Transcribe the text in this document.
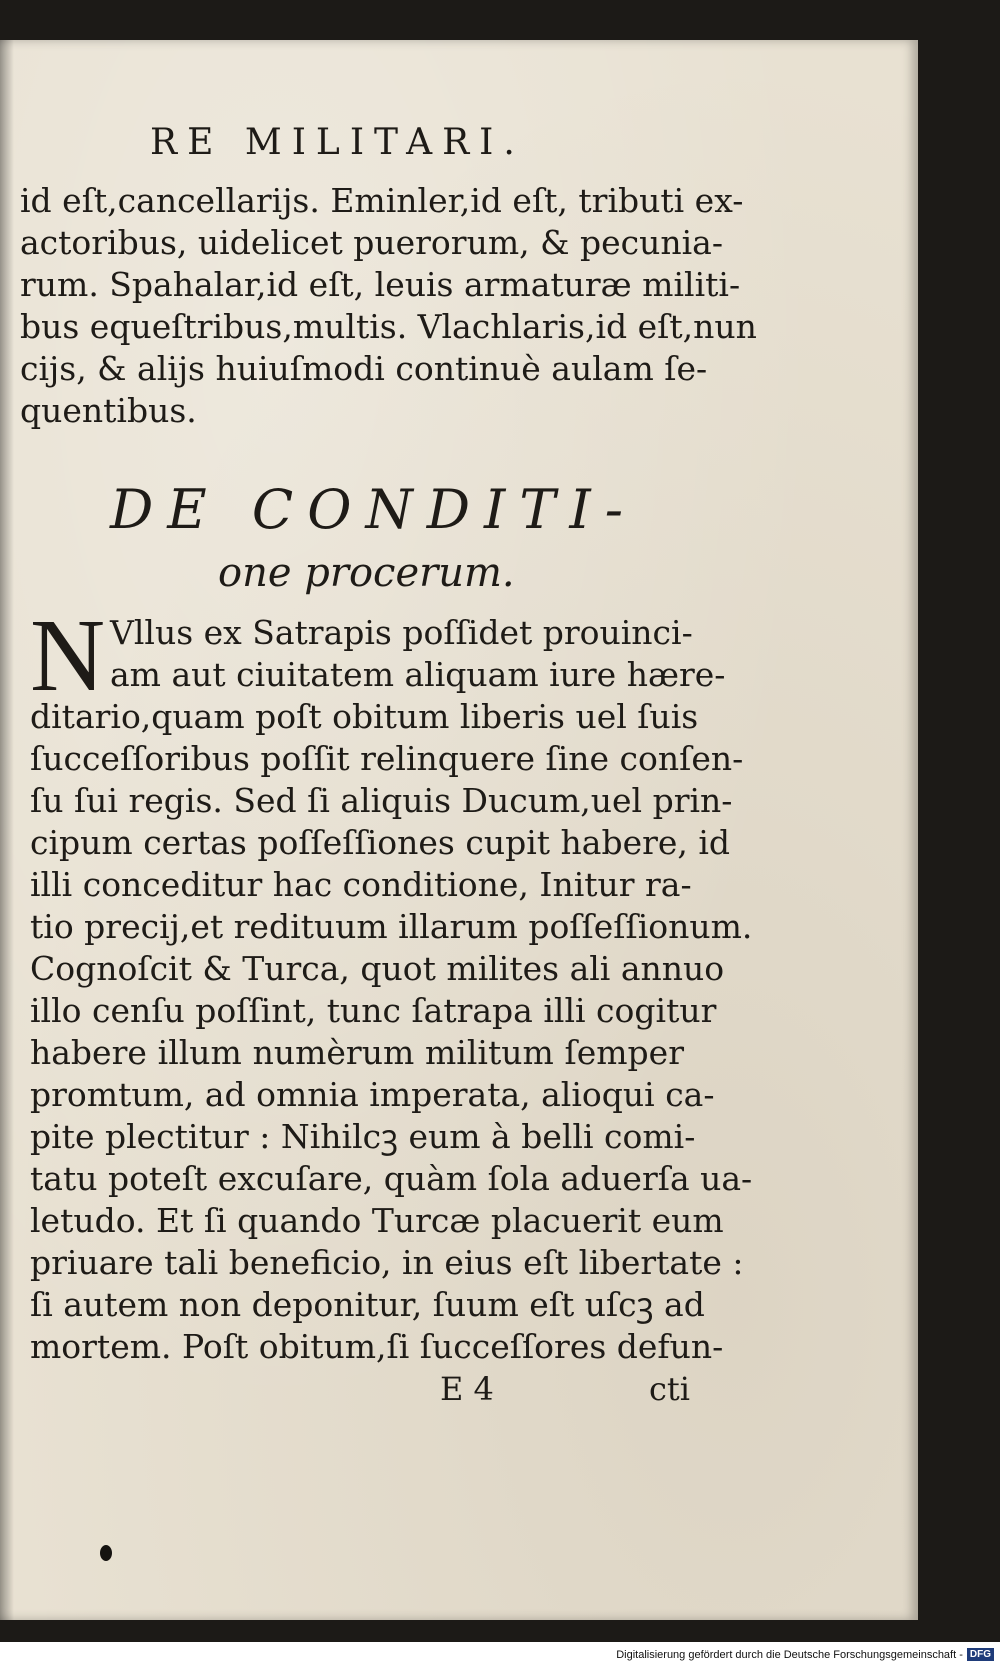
RE MILITARI.
id eſt,cancellarijs. Eminler,id eſt, tributi ex-
actoribus, uidelicet puerorum, & pecunia-
rum. Spahalar,id eſt, leuis armaturæ militi-
bus equeſtribus,multis. Vlachlaris,id eſt,nun
cijs, & alijs huiuſmodi continuè aulam ſe-
quentibus.
DE CONDITI-
one procerum.
N Vllus ex Satrapis poſſidet prouinci-
am aut ciuitatem aliquam iure hære-
ditario,quam poſt obitum liberis uel ſuis
ſucceſſoribus poſſit relinquere ſine conſen-
ſu ſui regis. Sed ſi aliquis Ducum,uel prin-
cipum certas poſſeſſiones cupit habere, id
illi conceditur hac conditione, Initur ra-
tio precij,et redituum illarum poſſeſſionum.
Cognoſcit & Turca, quot milites ali annuo
illo cenſu poſſint, tunc ſatrapa illi cogitur
habere illum numèrum militum ſemper
promtum, ad omnia imperata, alioqui ca-
pite plectitur : Nihilcꝫ eum à belli comi-
tatu poteſt excuſare, quàm ſola aduerſa ua-
letudo. Et ſi quando Turcæ placuerit eum
priuare tali beneficio, in eius eſt libertate :
ſi autem non deponitur, ſuum eſt uſcꝫ ad
mortem. Poſt obitum,ſi ſucceſſores defun-
E 4	cti
Digitalisierung gefördert durch die Deutsche Forschungsgemeinschaft - DFG
